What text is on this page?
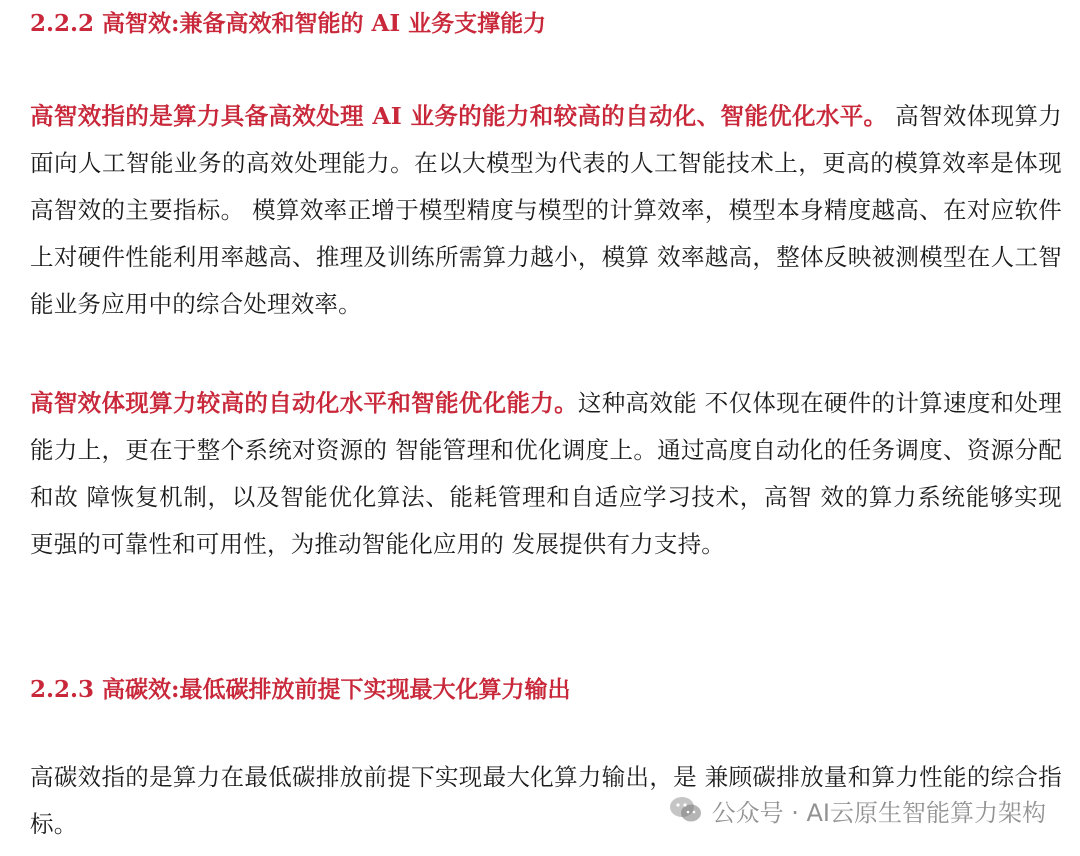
2.2.2 高智效:兼备高效和智能的 AI 业务支撑能力
高智效指的是算力具备高效处理 AI 业务的能力和较高的自动化、智能优化水平。 高智效体现算力面向人工智能业务的高效处理能力。在以大模型为代表的人工智能技术上，更高的模算效率是体现高智效的主要指标。 模算效率正增于模型精度与模型的计算效率，模型本身精度越高、在对应软件上对硬件性能利用率越高、推理及训练所需算力越小，模算 效率越高，整体反映被测模型在人工智能业务应用中的综合处理效率。
高智效体现算力较高的自动化水平和智能优化能力。这种高效能 不仅体现在硬件的计算速度和处理能力上，更在于整个系统对资源的 智能管理和优化调度上。通过高度自动化的任务调度、资源分配和故 障恢复机制，以及智能优化算法、能耗管理和自适应学习技术，高智 效的算力系统能够实现更强的可靠性和可用性，为推动智能化应用的 发展提供有力支持。
2.2.3 高碳效:最低碳排放前提下实现最大化算力输出
高碳效指的是算力在最低碳排放前提下实现最大化算力输出，是 兼顾碳排放量和算力性能的综合指标。	公众号 · AI云原生智能算力架构
